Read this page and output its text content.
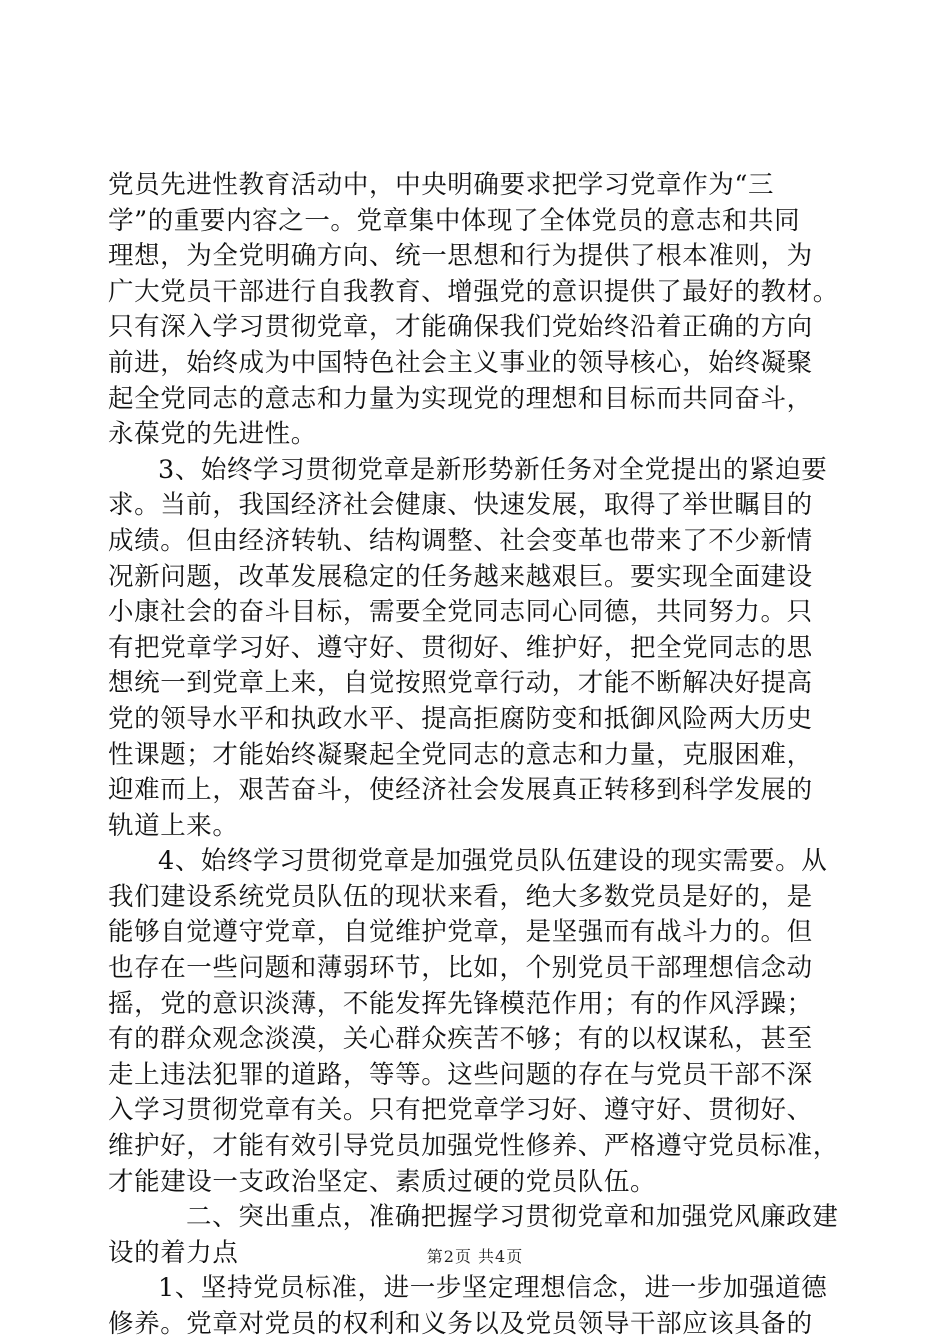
党员先进性教育活动中，中央明确要求把学习党章作为“三
学”的重要内容之一。党章集中体现了全体党员的意志和共同
理想，为全党明确方向、统一思想和行为提供了根本准则，为
广大党员干部进行自我教育、增强党的意识提供了最好的教材。
只有深入学习贯彻党章，才能确保我们党始终沿着正确的方向
前进，始终成为中国特色社会主义事业的领导核心，始终凝聚
起全党同志的意志和力量为实现党的理想和目标而共同奋斗，
永葆党的先进性。
3、始终学习贯彻党章是新形势新任务对全党提出的紧迫要
求。当前，我国经济社会健康、快速发展，取得了举世瞩目的
成绩。但由经济转轨、结构调整、社会变革也带来了不少新情
况新问题，改革发展稳定的任务越来越艰巨。要实现全面建设
小康社会的奋斗目标，需要全党同志同心同德，共同努力。只
有把党章学习好、遵守好、贯彻好、维护好，把全党同志的思
想统一到党章上来，自觉按照党章行动，才能不断解决好提高
党的领导水平和执政水平、提高拒腐防变和抵御风险两大历史
性课题；才能始终凝聚起全党同志的意志和力量，克服困难，
迎难而上，艰苦奋斗，使经济社会发展真正转移到科学发展的
轨道上来。
4、始终学习贯彻党章是加强党员队伍建设的现实需要。从
我们建设系统党员队伍的现状来看，绝大多数党员是好的，是
能够自觉遵守党章，自觉维护党章，是坚强而有战斗力的。但
也存在一些问题和薄弱环节，比如，个别党员干部理想信念动
摇，党的意识淡薄，不能发挥先锋模范作用；有的作风浮躁；
有的群众观念淡漠，关心群众疾苦不够；有的以权谋私，甚至
走上违法犯罪的道路，等等。这些问题的存在与党员干部不深
入学习贯彻党章有关。只有把党章学习好、遵守好、贯彻好、
维护好，才能有效引导党员加强党性修养、严格遵守党员标准，
才能建设一支政治坚定、素质过硬的党员队伍。
二、突出重点，准确把握学习贯彻党章和加强党风廉政建
设的着力点
1、坚持党员标准，进一步坚定理想信念，进一步加强道德
修养。党章对党员的权利和义务以及党员领导干部应该具备的
第2页 共4页
